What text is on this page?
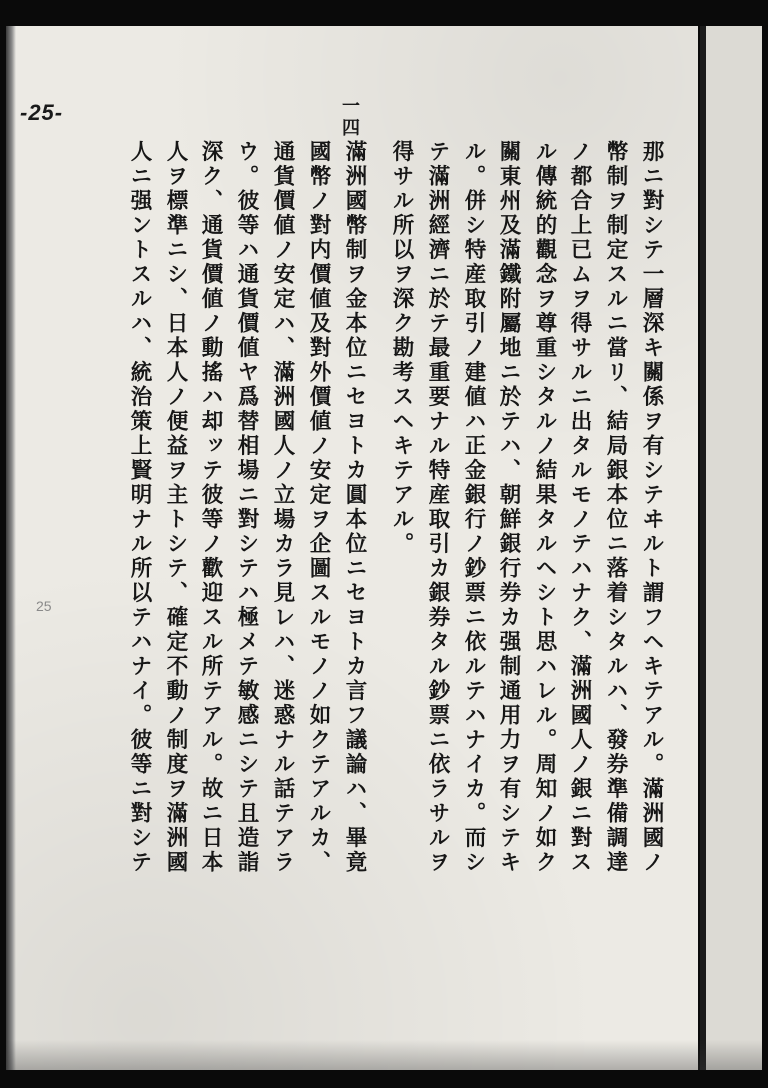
-25-
25
一四
那ニ對シテ一層深キ關係ヲ有シテヰルト謂フヘキテアル。滿洲國ノ
幣制ヲ制定スルニ當リ、結局銀本位ニ落着シタルハ、發券準備調達
ノ都合上已ムヲ得サルニ出タルモノテハナク、滿洲國人ノ銀ニ對ス
ル傳統的觀念ヲ尊重シタルノ結果タルヘシト思ハレル。周知ノ如ク
關東州及滿鐵附屬地ニ於テハ、朝鮮銀行券カ强制通用力ヲ有シテキ
ル。併シ特産取引ノ建値ハ正金銀行ノ鈔票ニ依ルテハナイカ。而シ
テ滿洲經濟ニ於テ最重要ナル特産取引カ銀券タル鈔票ニ依ラサルヲ
得サル所以ヲ深ク勘考スヘキテアル。
滿洲國幣制ヲ金本位ニセヨトカ圓本位ニセヨトカ言フ議論ハ、畢竟
國幣ノ對内價値及對外價値ノ安定ヲ企圖スルモノノ如クテアルカ、
通貨價値ノ安定ハ、滿洲國人ノ立場カラ見レハ、迷惑ナル話テアラ
ウ。彼等ハ通貨價値ヤ爲替相場ニ對シテハ極メテ敏感ニシテ且造詣
深ク、通貨價値ノ動搖ハ却ッテ彼等ノ歡迎スル所テアル。故ニ日本
人ヲ標準ニシ、日本人ノ便益ヲ主トシテ、確定不動ノ制度ヲ滿洲國
人ニ强ントスルハ、統治策上賢明ナル所以テハナイ。彼等ニ對シテ
